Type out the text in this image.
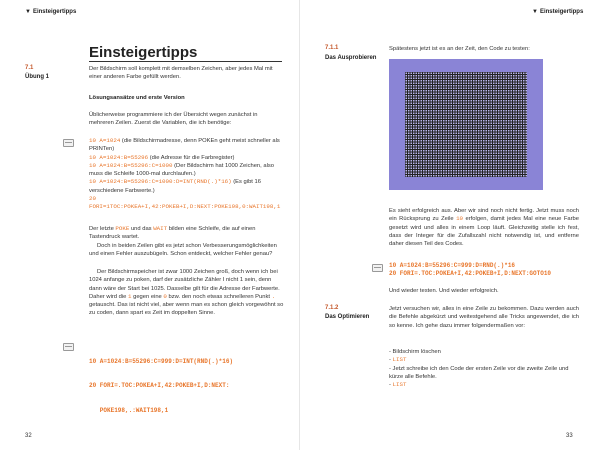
▼ Einsteigertipps
Einsteigertipps
7.1
Übung 1
Der Bildschirm soll komplett mit demselben Zeichen, aber jedes Mal mit einer anderen Farbe gefüllt werden.
Lösungsansätze und erste Version
Üblicherweise programmiere ich der Übersicht wegen zunächst in mehreren Zeilen. Zuerst die Variablen, die ich benötige:
10 A=1024 (die Bildschirmadresse, denn POKEn geht meist schneller als PRINTen)
10 A=1024:B=55296 (die Adresse für die Farbregister)
10 A=1024:B=55296:C=1000 (Der Bildschirm hat 1000 Zeichen, also muss die Schleife 1000-mal durchlaufen.)
10 A=1024:B=55296:C=1000:D=INT(RND(.)*16) (Es gibt 16 verschiedene Farbwerte.)
20 FORI=1TOC:POKEA+I,42:POKEB+I,D:NEXT:POKE198,0:WAIT198,1
Der letzte POKE und das WAIT bilden eine Schleife, die auf einen Tastendruck wartet.
Doch in beiden Zeilen gibt es jetzt schon Verbesserungsmöglichkeiten und einen Fehler auszubügeln. Schon entdeckt, welcher Fehler genau?
Der Bildschirmspeicher ist zwar 1000 Zeichen groß, doch wenn ich bei 1024 anfange zu poken, darf der zusätzliche Zähler I nicht 1 sein, denn dann wäre der Start bei 1025. Dasselbe gilt für die Adresse der Farbwerte. Daher wird die 1 gegen eine 0 bzw. den noch etwas schnelleren Punkt . getauscht. Das ist nicht viel, aber wenn man es schon gleich vorgewöhnt so zu coden, dann spart es Zeit im doppelten Sinne.

10 A=1024:B=55296:C=999:D=INT(RND(.)*16)

20 FORI=.TOC:POKEA+I,42:POKEB+I,D:NEXT:

POKE198,.:WAIT198,1

32
▼ Einsteigertipps
7.1.1
Das Ausprobieren
Spätestens jetzt ist es an der Zeit, den Code zu testen:
Es sieht erfolgreich aus. Aber wir sind noch nicht fertig. Jetzt muss noch ein Rücksprung zu Zeile 10 erfolgen, damit jedes Mal eine neue Farbe gesetzt wird und alles in einem Loop läuft. Gleichzeitig stelle ich fest, dass der Integer für die Zufallszahl nicht notwendig ist, und entferne daher diesen Teil des Codes.
10 A=1024:B=55296:C=999:D=RND(.)*16
20 FORI=.TOC:POKEA+I,42:POKEB+I,D:NEXT:GOTO10
Und wieder testen. Und wieder erfolgreich.
7.1.2
Das Optimieren
Jetzt versuchen wir, alles in eine Zeile zu bekommen. Dazu werden auch die Befehle abgekürzt und weitestgehend alle Tricks angewendet, die ich so kenne. Ich gehe dazu immer folgendermaßen vor:
- Bildschirm löschen
- LIST
- Jetzt schreibe ich den Code der ersten Zeile vor die zweite Zeile und kürze alle Befehle.
- LIST
33
